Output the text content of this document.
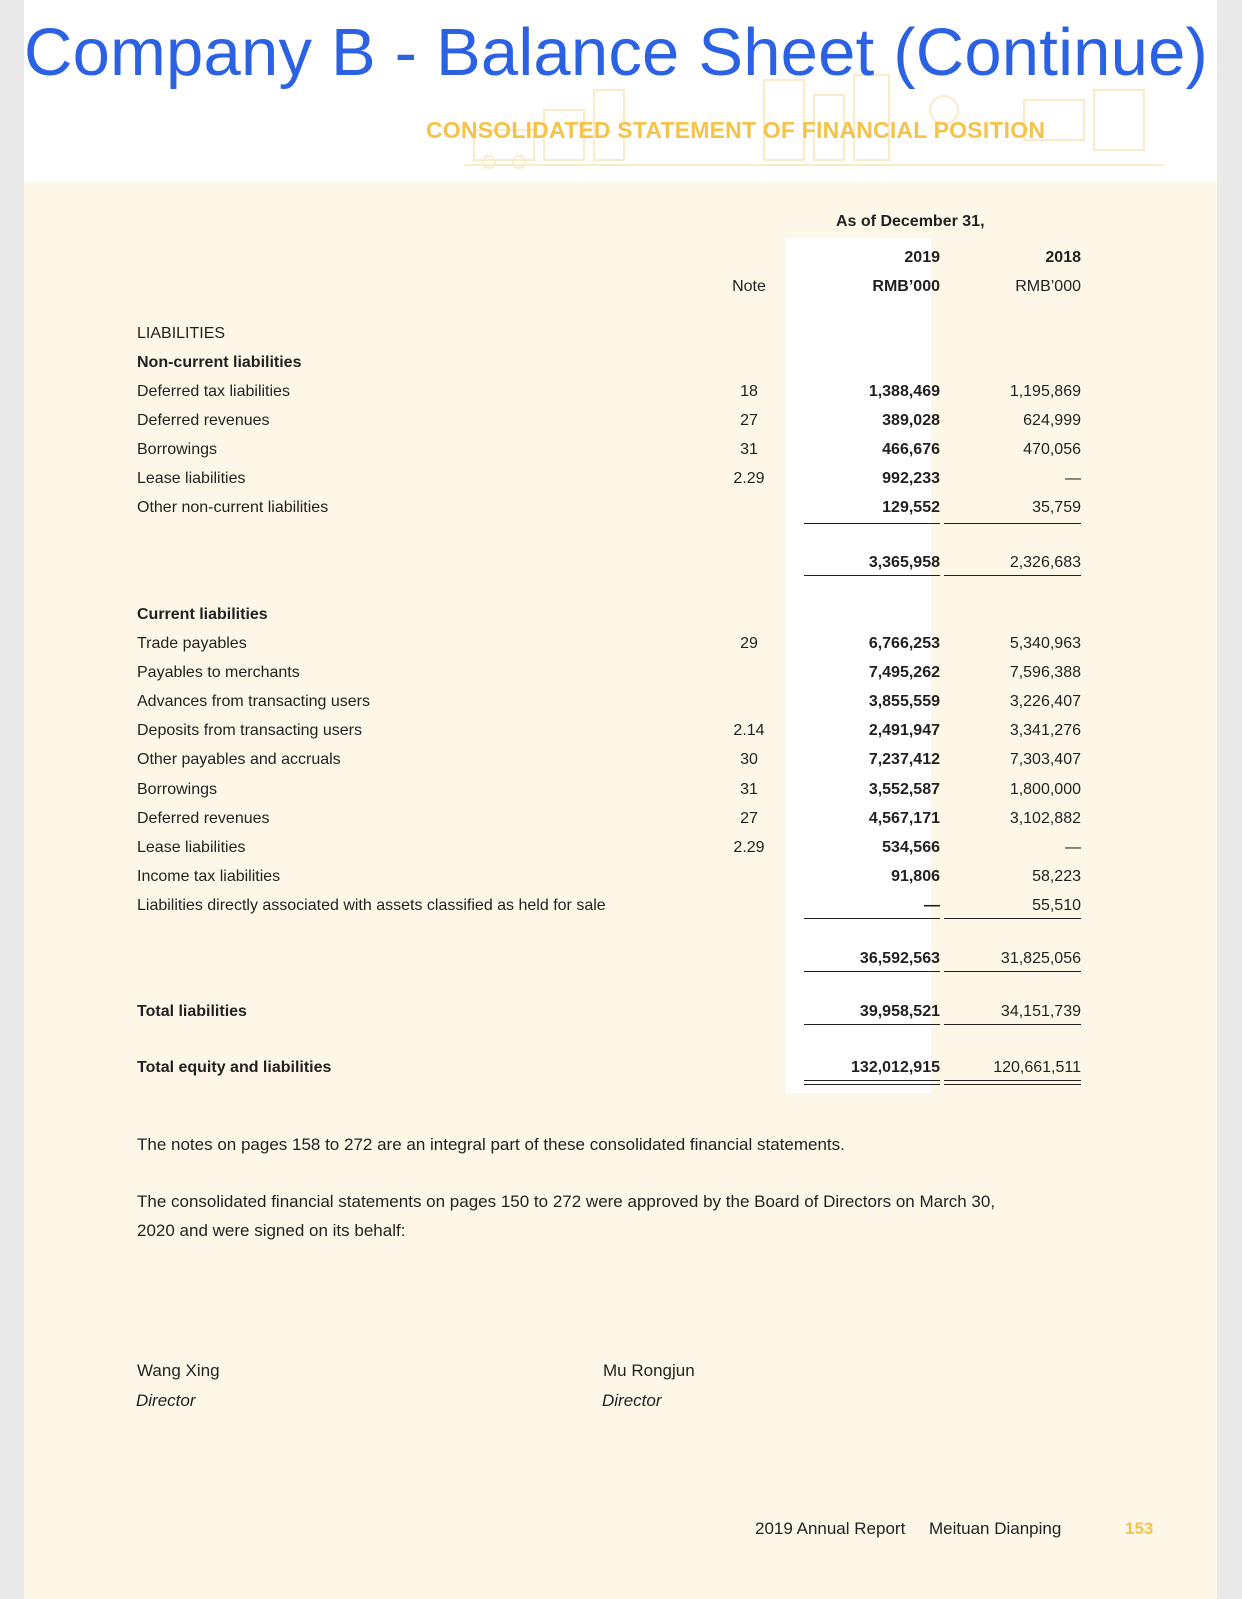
Company B - Balance Sheet (Continue)
CONSOLIDATED STATEMENT OF FINANCIAL POSITION
As of December 31,
2019	2018
Note	RMB’000	RMB’000
LIABILITIES
Non-current liabilities
Deferred tax liabilities	18	1,388,469	1,195,869
Deferred revenues	27	389,028	624,999
Borrowings	31	466,676	470,056
Lease liabilities	2.29	992,233	—
Other non-current liabilities	129,552	35,759
3,365,958	2,326,683
Current liabilities
Trade payables	29	6,766,253	5,340,963
Payables to merchants	7,495,262	7,596,388
Advances from transacting users	3,855,559	3,226,407
Deposits from transacting users	2.14	2,491,947	3,341,276
Other payables and accruals	30	7,237,412	7,303,407
Borrowings	31	3,552,587	1,800,000
Deferred revenues	27	4,567,171	3,102,882
Lease liabilities	2.29	534,566	—
Income tax liabilities	91,806	58,223
Liabilities directly associated with assets classified as held for sale	—	55,510
36,592,563	31,825,056
Total liabilities	39,958,521	34,151,739
Total equity and liabilities	132,012,915	120,661,511
The notes on pages 158 to 272 are an integral part of these consolidated financial statements.
The consolidated financial statements on pages 150 to 272 were approved by the Board of Directors on March 30,
2020 and were signed on its behalf:
Wang Xing
Director
Mu Rongjun
Director
2019 Annual Report Meituan Dianping	153
